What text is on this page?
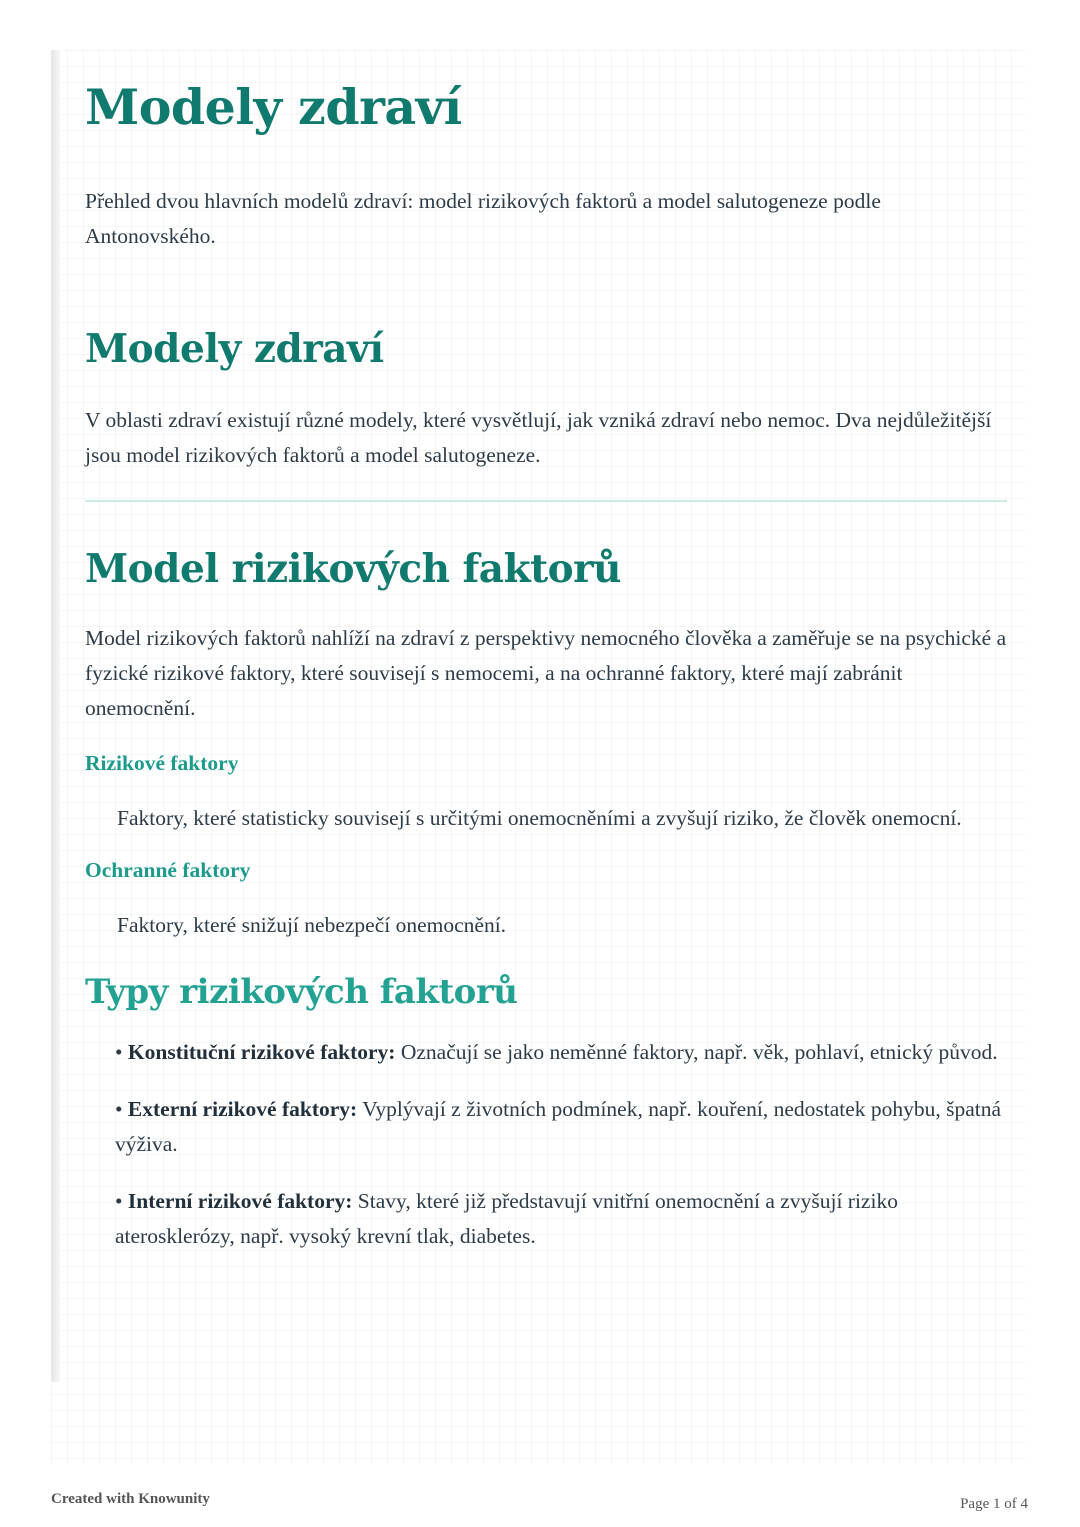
Modely zdraví

Přehled dvou hlavních modelů zdraví: model rizikových faktorů a model salutogeneze podle Antonovského.

Modely zdraví

V oblasti zdraví existují různé modely, které vysvětlují, jak vzniká zdraví nebo nemoc. Dva nejdůležitější jsou model rizikových faktorů a model salutogeneze.

Model rizikových faktorů

Model rizikových faktorů nahlíží na zdraví z perspektivy nemocného člověka a zaměřuje se na psychické a fyzické rizikové faktory, které souvisejí s nemocemi, a na ochranné faktory, které mají zabránit onemocnění.

Rizikové faktory

Faktory, které statisticky souvisejí s určitými onemocněními a zvyšují riziko, že člověk onemocní.

Ochranné faktory

Faktory, které snižují nebezpečí onemocnění.

Typy rizikových faktorů
• Konstituční rizikové faktory: Označují se jako neměnné faktory, např. věk, pohlaví, etnický původ.
• Externí rizikové faktory: Vyplývají z životních podmínek, např. kouření, nedostatek pohybu, špatná výživa.
• Interní rizikové faktory: Stavy, které již představují vnitřní onemocnění a zvyšují riziko aterosklerózy, např. vysoký krevní tlak, diabetes.
Created with Knowunity	Page 1 of 4
